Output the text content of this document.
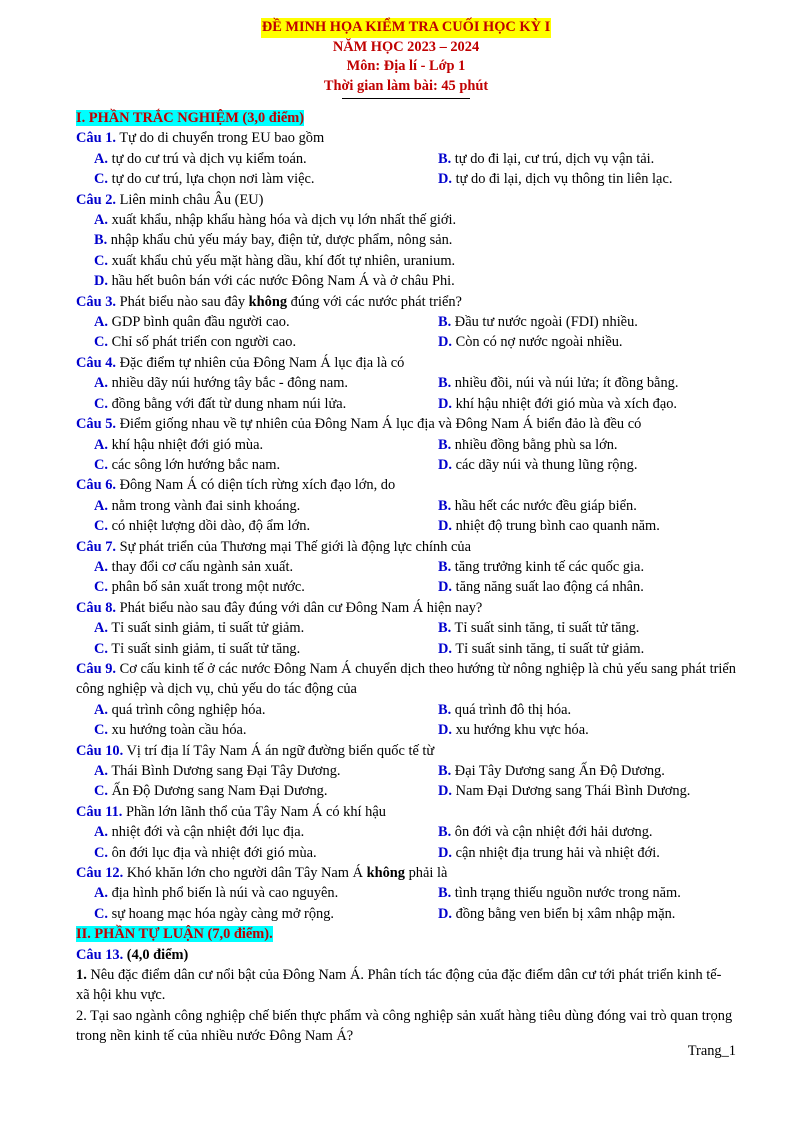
ĐỀ MINH HỌA KIỂM TRA CUỐI HỌC KỲ I
NĂM HỌC 2023 – 2024
Môn: Địa lí - Lớp 1
Thời gian làm bài: 45 phút
I. PHẦN TRẮC NGHIỆM (3,0 điểm)
Câu 1. Tự do di chuyển trong EU bao gồm
A. tự do cư trú và dịch vụ kiểm toán.	B. tự do đi lại, cư trú, dịch vụ vận tải.
C. tự do cư trú, lựa chọn nơi làm việc.	D. tự do đi lại, dịch vụ thông tin liên lạc.
Câu 2. Liên minh châu Âu (EU)
A. xuất khẩu, nhập khẩu hàng hóa và dịch vụ lớn nhất thế giới.
B. nhập khẩu chủ yếu máy bay, điện tử, dược phẩm, nông sản.
C. xuất khẩu chủ yếu mặt hàng dầu, khí đốt tự nhiên, uranium.
D. hầu hết buôn bán với các nước Đông Nam Á và ở châu Phi.
Câu 3. Phát biểu nào sau đây không đúng với các nước phát triển?
A. GDP bình quân đầu người cao.	B. Đầu tư nước ngoài (FDI) nhiều.
C. Chỉ số phát triển con người cao.	D. Còn có nợ nước ngoài nhiều.
Câu 4. Đặc điểm tự nhiên của Đông Nam Á lục địa là có
A. nhiều dãy núi hướng tây bắc - đông nam.	B. nhiều đồi, núi và núi lửa; ít đồng bằng.
C. đồng bằng với đất từ dung nham núi lửa.	D. khí hậu nhiệt đới gió mùa và xích đạo.
Câu 5. Điểm giống nhau về tự nhiên của Đông Nam Á lục địa và Đông Nam Á biển đảo là đều có
A. khí hậu nhiệt đới gió mùa.	B. nhiều đồng bằng phù sa lớn.
C. các sông lớn hướng bắc nam.	D. các dãy núi và thung lũng rộng.
Câu 6. Đông Nam Á có diện tích rừng xích đạo lớn, do
A. nằm trong vành đai sinh khoáng.	B. hầu hết các nước đều giáp biển.
C. có nhiệt lượng dồi dào, độ ẩm lớn.	D. nhiệt độ trung bình cao quanh năm.
Câu 7. Sự phát triển của Thương mại Thế giới là động lực chính của
A. thay đổi cơ cấu ngành sản xuất.	B. tăng trưởng kinh tế các quốc gia.
C. phân bố sản xuất trong một nước.	D. tăng năng suất lao động cá nhân.
Câu 8. Phát biểu nào sau đây đúng với dân cư Đông Nam Á hiện nay?
A. Tỉ suất sinh giảm, tỉ suất tử giảm.	B. Tỉ suất sinh tăng, tỉ suất tử tăng.
C. Tỉ suất sinh giảm, tỉ suất tử tăng.	D. Tỉ suất sinh tăng, tỉ suất tử giảm.
Câu 9. Cơ cấu kinh tế ở các nước Đông Nam Á chuyển dịch theo hướng từ nông nghiệp là chủ yếu sang phát triển công nghiệp và dịch vụ, chủ yếu do tác động của
A. quá trình công nghiệp hóa.	B. quá trình đô thị hóa.
C. xu hướng toàn cầu hóa.	D. xu hướng khu vực hóa.
Câu 10. Vị trí địa lí Tây Nam Á án ngữ đường biển quốc tế từ
A. Thái Bình Dương sang Đại Tây Dương.	B. Đại Tây Dương sang Ấn Độ Dương.
C. Ấn Độ Dương sang Nam Đại Dương.	D. Nam Đại Dương sang Thái Bình Dương.
Câu 11. Phần lớn lãnh thổ của Tây Nam Á có khí hậu
A. nhiệt đới và cận nhiệt đới lục địa.	B. ôn đới và cận nhiệt đới hải dương.
C. ôn đới lục địa và nhiệt đới gió mùa.	D. cận nhiệt địa trung hải và nhiệt đới.
Câu 12. Khó khăn lớn cho người dân Tây Nam Á không phải là
A. địa hình phổ biến là núi và cao nguyên.	B. tình trạng thiếu nguồn nước trong năm.
C. sự hoang mạc hóa ngày càng mở rộng.	D. đồng bằng ven biển bị xâm nhập mặn.
II. PHẦN TỰ LUẬN (7,0 điểm).
Câu 13. (4,0 điểm)
1. Nêu đặc điểm dân cư nổi bật của Đông Nam Á. Phân tích tác động của đặc điểm dân cư tới phát triển kinh tế- xã hội khu vực.
2. Tại sao ngành công nghiệp chế biến thực phẩm và công nghiệp sản xuất hàng tiêu dùng đóng vai trò quan trọng trong nền kinh tế của nhiều nước Đông Nam Á?
Trang_1
